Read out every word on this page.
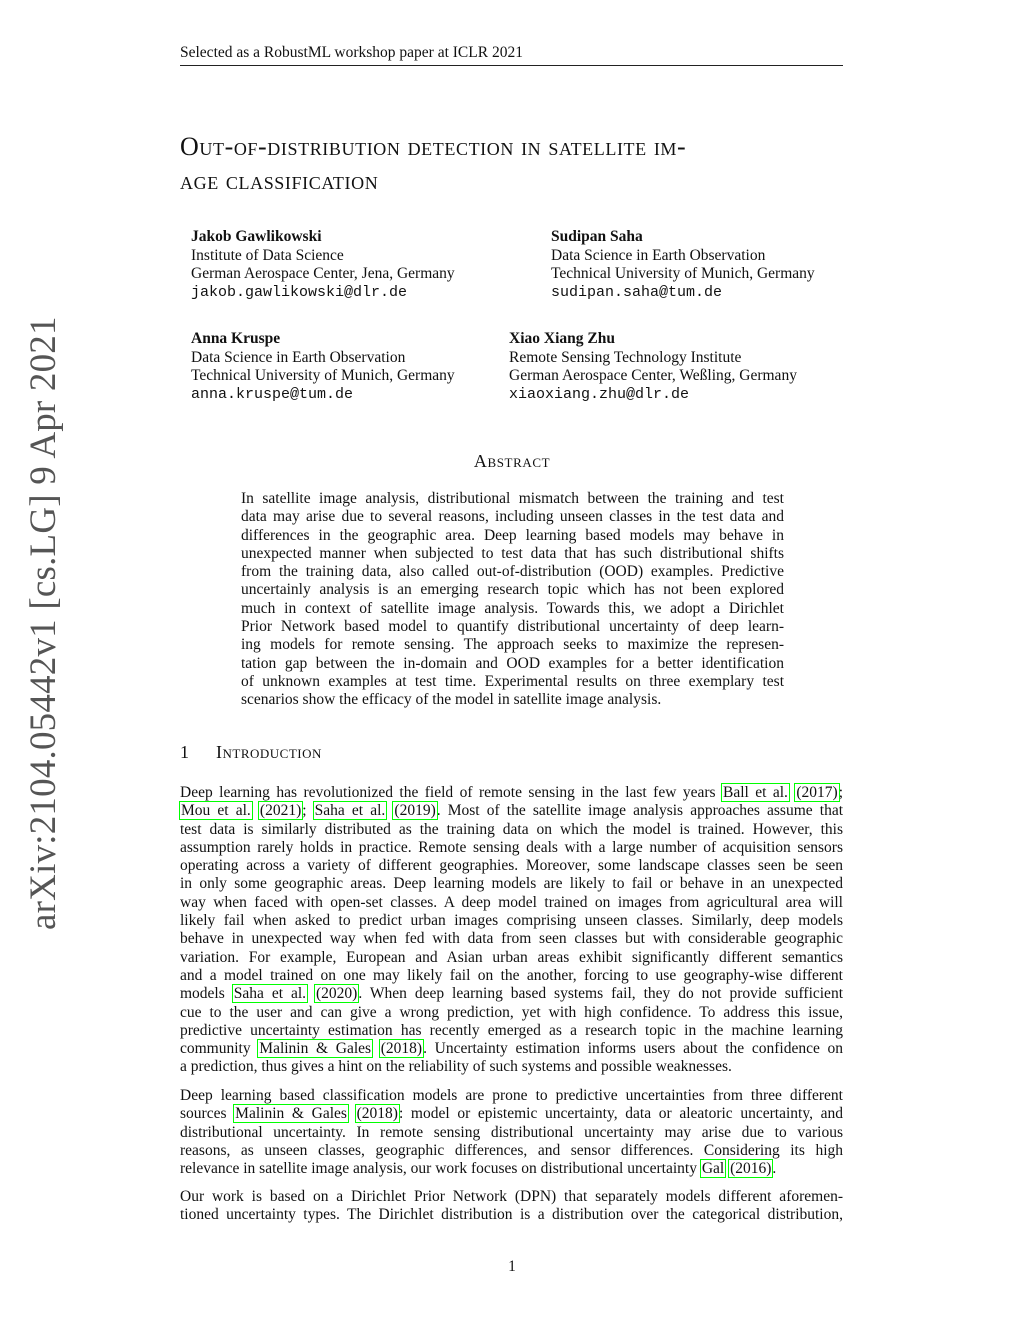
Selected as a RobustML workshop paper at ICLR 2021
arXiv:2104.05442v1 [cs.LG] 9 Apr 2021
Out-of-distribution detection in satellite im-
age classification
Jakob Gawlikowski
Institute of Data Science
German Aerospace Center, Jena, Germany
jakob.gawlikowski@dlr.de
Sudipan Saha
Data Science in Earth Observation
Technical University of Munich, Germany
sudipan.saha@tum.de
Anna Kruspe
Data Science in Earth Observation
Technical University of Munich, Germany
anna.kruspe@tum.de
Xiao Xiang Zhu
Remote Sensing Technology Institute
German Aerospace Center, Weßling, Germany
xiaoxiang.zhu@dlr.de
Abstract
In satellite image analysis, distributional mismatch between the training and test
data may arise due to several reasons, including unseen classes in the test data and
differences in the geographic area. Deep learning based models may behave in
unexpected manner when subjected to test data that has such distributional shifts
from the training data, also called out-of-distribution (OOD) examples. Predictive
uncertainly analysis is an emerging research topic which has not been explored
much in context of satellite image analysis. Towards this, we adopt a Dirichlet
Prior Network based model to quantify distributional uncertainty of deep learn-
ing models for remote sensing. The approach seeks to maximize the represen-
tation gap between the in-domain and OOD examples for a better identification
of unknown examples at test time. Experimental results on three exemplary test
scenarios show the efficacy of the model in satellite image analysis.
1 Introduction
Deep learning has revolutionized the field of remote sensing in the last few years Ball et al. (2017);
Mou et al. (2021); Saha et al. (2019). Most of the satellite image analysis approaches assume that
test data is similarly distributed as the training data on which the model is trained. However, this
assumption rarely holds in practice. Remote sensing deals with a large number of acquisition sensors
operating across a variety of different geographies. Moreover, some landscape classes seen be seen
in only some geographic areas. Deep learning models are likely to fail or behave in an unexpected
way when faced with open-set classes. A deep model trained on images from agricultural area will
likely fail when asked to predict urban images comprising unseen classes. Similarly, deep models
behave in unexpected way when fed with data from seen classes but with considerable geographic
variation. For example, European and Asian urban areas exhibit significantly different semantics
and a model trained on one may likely fail on the another, forcing to use geography-wise different
models Saha et al. (2020). When deep learning based systems fail, they do not provide sufficient
cue to the user and can give a wrong prediction, yet with high confidence. To address this issue,
predictive uncertainty estimation has recently emerged as a research topic in the machine learning
community Malinin & Gales (2018). Uncertainty estimation informs users about the confidence on
a prediction, thus gives a hint on the reliability of such systems and possible weaknesses.
Deep learning based classification models are prone to predictive uncertainties from three different
sources Malinin & Gales (2018): model or epistemic uncertainty, data or aleatoric uncertainty, and
distributional uncertainty. In remote sensing distributional uncertainty may arise due to various
reasons, as unseen classes, geographic differences, and sensor differences. Considering its high
relevance in satellite image analysis, our work focuses on distributional uncertainty Gal (2016).
Our work is based on a Dirichlet Prior Network (DPN) that separately models different aforemen-
tioned uncertainty types. The Dirichlet distribution is a distribution over the categorical distribution,
1
